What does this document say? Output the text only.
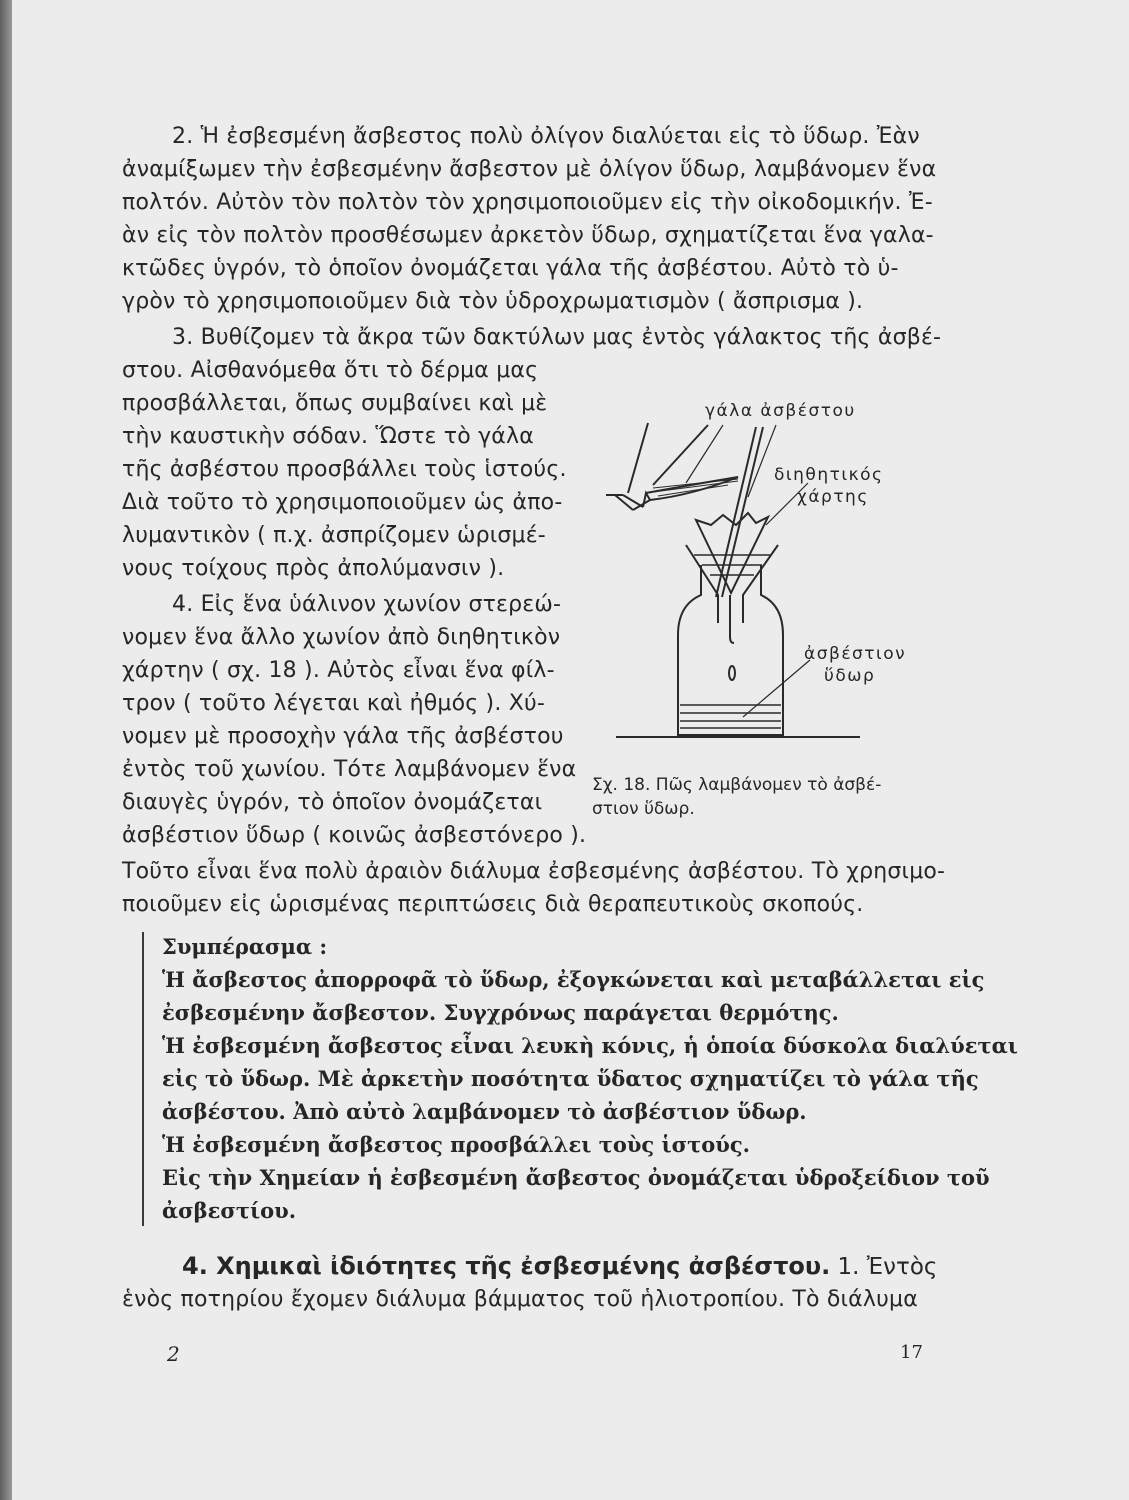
2. Ἡ ἐσβεσμένη ἄσβεστος πολὺ ὀλίγον διαλύεται εἰς τὸ ὕδωρ. Ἐὰν
ἀναμίξωμεν τὴν ἐσβεσμένην ἄσβεστον μὲ ὀλίγον ὕδωρ, λαμβάνομεν ἕνα
πολτόν. Αὐτὸν τὸν πολτὸν τὸν χρησιμοποιοῦμεν εἰς τὴν οἰκοδομικήν. Ἐ-
ὰν εἰς τὸν πολτὸν προσθέσωμεν ἀρκετὸν ὕδωρ, σχηματίζεται ἕνα γαλα-
κτῶδες ὑγρόν, τὸ ὁποῖον ὀνομάζεται γάλα τῆς ἀσβέστου. Αὐτὸ τὸ ὑ-
γρὸν τὸ χρησιμοποιοῦμεν διὰ τὸν ὑδροχρωματισμὸν ( ἄσπρισμα ).
3. Βυθίζομεν τὰ ἄκρα τῶν δακτύλων μας ἐντὸς γάλακτος τῆς ἀσβέ-
στου. Αἰσθανόμεθα ὅτι τὸ δέρμα μας
προσβάλλεται, ὅπως συμβαίνει καὶ μὲ
τὴν καυστικὴν σόδαν. Ὥστε τὸ γάλα
τῆς ἀσβέστου προσβάλλει τοὺς ἱστούς.
Διὰ τοῦτο τὸ χρησιμοποιοῦμεν ὡς ἀπο-
λυμαντικὸν ( π.χ. ἀσπρίζομεν ὡρισμέ-
νους τοίχους πρὸς ἀπολύμανσιν ).
4. Εἰς ἕνα ὑάλινον χωνίον στερεώ-
νομεν ἕνα ἄλλο χωνίον ἀπὸ διηθητικὸν
χάρτην ( σχ. 18 ). Αὐτὸς εἶναι ἕνα φίλ-
τρον ( τοῦτο λέγεται καὶ ἠθμός ). Χύ-
νομεν μὲ προσοχὴν γάλα τῆς ἀσβέστου
ἐντὸς τοῦ χωνίου. Τότε λαμβάνομεν ἕνα
διαυγὲς ὑγρόν, τὸ ὁποῖον ὀνομάζεται
ἀσβέστιον ὕδωρ ( κοινῶς ἀσβεστόνερο ).
Τοῦτο εἶναι ἕνα πολὺ ἀραιὸν διάλυμα ἐσβεσμένης ἀσβέστου. Τὸ χρησιμο-
ποιοῦμεν εἰς ὡρισμένας περιπτώσεις διὰ θεραπευτικοὺς σκοπούς.
γάλα ἀσβέστου
διηθητικός
χάρτης
ἀσβέστιον
ὕδωρ
Σχ. 18. Πῶς λαμβάνομεν τὸ ἀσβέ-
στιον ὕδωρ.
Συμπέρασμα :
Ἡ ἄσβεστος ἀπορροφᾶ τὸ ὕδωρ, ἐξογκώνεται καὶ μεταβάλλεται εἰς
ἐσβεσμένην ἄσβεστον. Συγχρόνως παράγεται θερμότης.
Ἡ ἐσβεσμένη ἄσβεστος εἶναι λευκὴ κόνις, ἡ ὁποία δύσκολα διαλύεται
εἰς τὸ ὕδωρ. Μὲ ἀρκετὴν ποσότητα ὕδατος σχηματίζει τὸ γάλα τῆς
ἀσβέστου. Ἀπὸ αὐτὸ λαμβάνομεν τὸ ἀσβέστιον ὕδωρ.
Ἡ ἐσβεσμένη ἄσβεστος προσβάλλει τοὺς ἱστούς.
Εἰς τὴν Χημείαν ἡ ἐσβεσμένη ἄσβεστος ὀνομάζεται ὑδροξείδιον τοῦ
ἀσβεστίου.
4. Χημικαὶ ἰδιότητες τῆς ἐσβεσμένης ἀσβέστου. 1. Ἐντὸς
ἑνὸς ποτηρίου ἔχομεν διάλυμα βάμματος τοῦ ἡλιοτροπίου. Τὸ διάλυμα
2	17
